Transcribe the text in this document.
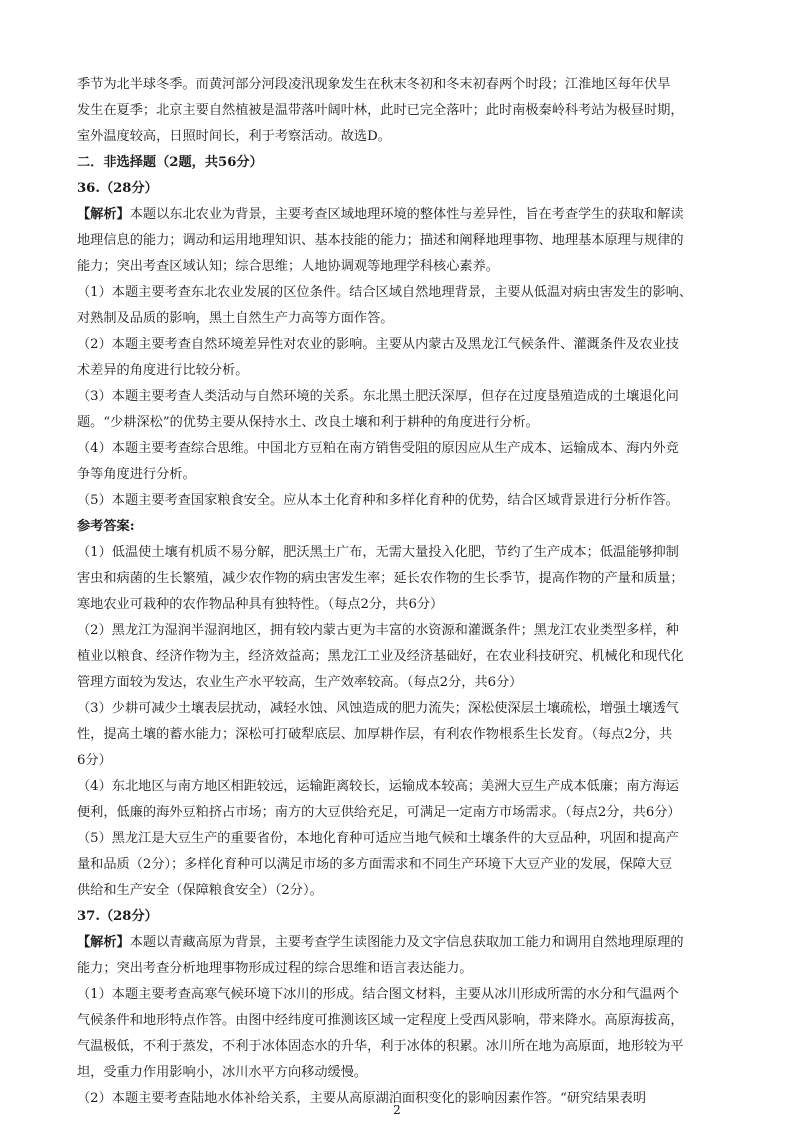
季节为北半球冬季。而黄河部分河段凌汛现象发生在秋末冬初和冬末初春两个时段；江淮地区每年伏旱

发生在夏季；北京主要自然植被是温带落叶阔叶林，此时已完全落叶；此时南极秦岭科考站为极昼时期，

室外温度较高，日照时间长，利于考察活动。故选D。

二．非选择题（2题，共56分）

36.（28分）

【解析】本题以东北农业为背景，主要考查区域地理环境的整体性与差异性，旨在考查学生的获取和解读

地理信息的能力；调动和运用地理知识、基本技能的能力；描述和阐释地理事物、地理基本原理与规律的

能力；突出考查区域认知；综合思维；人地协调观等地理学科核心素养。

（1）本题主要考查东北农业发展的区位条件。结合区域自然地理背景，主要从低温对病虫害发生的影响、

对熟制及品质的影响，黑土自然生产力高等方面作答。

（2）本题主要考查自然环境差异性对农业的影响。主要从内蒙古及黑龙江气候条件、灌溉条件及农业技

术差异的角度进行比较分析。

（3）本题主要考查人类活动与自然环境的关系。东北黑土肥沃深厚，但存在过度垦殖造成的土壤退化问

题。“少耕深松”的优势主要从保持水土、改良土壤和利于耕种的角度进行分析。

（4）本题主要考查综合思维。中国北方豆粕在南方销售受阻的原因应从生产成本、运输成本、海内外竞

争等角度进行分析。

（5）本题主要考查国家粮食安全。应从本土化育种和多样化育种的优势，结合区域背景进行分析作答。

参考答案:

（1）低温使土壤有机质不易分解，肥沃黑土广布，无需大量投入化肥，节约了生产成本；低温能够抑制

害虫和病菌的生长繁殖，减少农作物的病虫害发生率；延长农作物的生长季节，提高作物的产量和质量；

寒地农业可栽种的农作物品种具有独特性。（每点2分，共6分）

（2）黑龙江为湿润半湿润地区，拥有较内蒙古更为丰富的水资源和灌溉条件；黑龙江农业类型多样，种

植业以粮食、经济作物为主，经济效益高；黑龙江工业及经济基础好，在农业科技研究、机械化和现代化

管理方面较为发达，农业生产水平较高，生产效率较高。（每点2分，共6分）

（3）少耕可减少土壤表层扰动，减轻水蚀、风蚀造成的肥力流失；深松使深层土壤疏松，增强土壤透气

性，提高土壤的蓄水能力；深松可打破犁底层、加厚耕作层，有利农作物根系生长发育。（每点2分，共

6分）

（4）东北地区与南方地区相距较远，运输距离较长，运输成本较高；美洲大豆生产成本低廉；南方海运

便利，低廉的海外豆粕挤占市场；南方的大豆供给充足，可满足一定南方市场需求。（每点2分，共6分）

（5）黑龙江是大豆生产的重要省份，本地化育种可适应当地气候和土壤条件的大豆品种，巩固和提高产

量和品质（2分）；多样化育种可以满足市场的多方面需求和不同生产环境下大豆产业的发展，保障大豆

供给和生产安全（保障粮食安全）（2分）。

37.（28分）

【解析】本题以青藏高原为背景，主要考查学生读图能力及文字信息获取加工能力和调用自然地理原理的

能力；突出考查分析地理事物形成过程的综合思维和语言表达能力。

（1）本题主要考查高寒气候环境下冰川的形成。结合图文材料，主要从冰川形成所需的水分和气温两个

气候条件和地形特点作答。由图中经纬度可推测该区域一定程度上受西风影响，带来降水。高原海拔高，

气温极低，不利于蒸发，不利于冰体固态水的升华，利于冰体的积累。冰川所在地为高原面，地形较为平

坦，受重力作用影响小，冰川水平方向移动缓慢。

（2）本题主要考查陆地水体补给关系，主要从高原湖泊面积变化的影响因素作答。“研究结果表明

2
